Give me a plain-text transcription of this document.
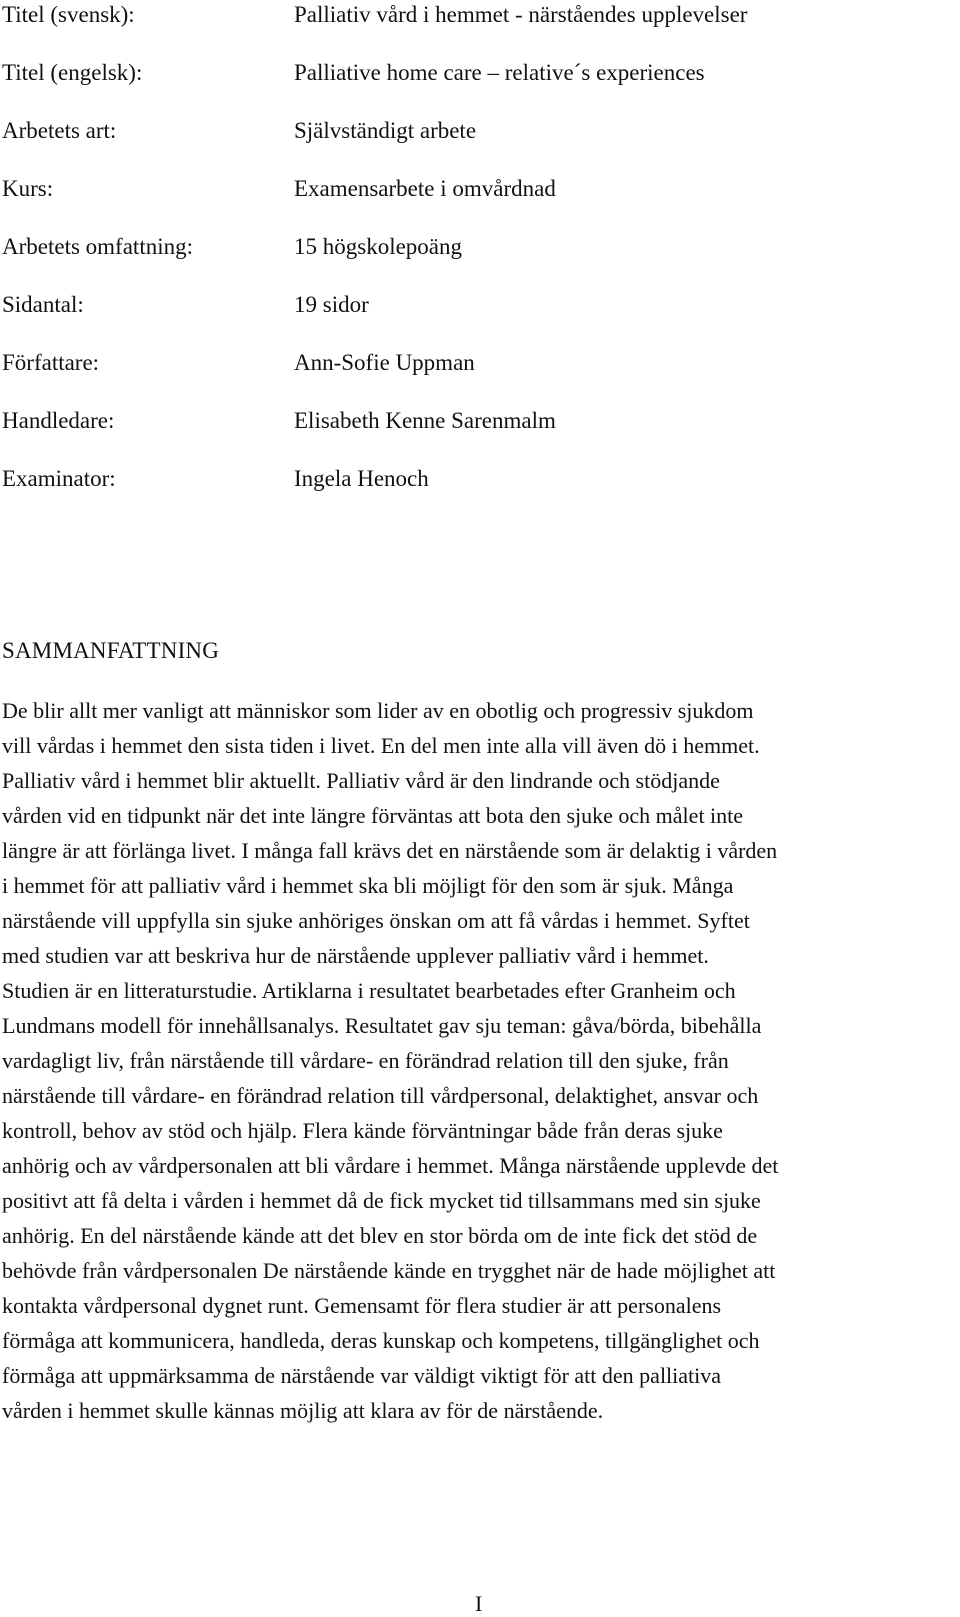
Titel (svensk):	Palliativ vård i hemmet - närståendes upplevelser
Titel (engelsk):	Palliative home care – relative´s experiences
Arbetets art:	Självständigt arbete
Kurs:	Examensarbete i omvårdnad
Arbetets omfattning:	15 högskolepoäng
Sidantal:	19 sidor
Författare:	Ann-Sofie Uppman
Handledare:	Elisabeth Kenne Sarenmalm
Examinator:	Ingela Henoch
SAMMANFATTNING
De blir allt mer vanligt att människor som lider av en obotlig och progressiv sjukdom
vill vårdas i hemmet den sista tiden i livet. En del men inte alla vill även dö i hemmet.
Palliativ vård i hemmet blir aktuellt. Palliativ vård är den lindrande och stödjande
vården vid en tidpunkt när det inte längre förväntas att bota den sjuke och målet inte
längre är att förlänga livet. I många fall krävs det en närstående som är delaktig i vården
i hemmet för att palliativ vård i hemmet ska bli möjligt för den som är sjuk. Många
närstående vill uppfylla sin sjuke anhöriges önskan om att få vårdas i hemmet. Syftet
med studien var att beskriva hur de närstående upplever palliativ vård i hemmet.
Studien är en litteraturstudie. Artiklarna i resultatet bearbetades efter Granheim och
Lundmans modell för innehållsanalys. Resultatet gav sju teman: gåva/börda, bibehålla
vardagligt liv, från närstående till vårdare- en förändrad relation till den sjuke, från
närstående till vårdare- en förändrad relation till vårdpersonal, delaktighet, ansvar och
kontroll, behov av stöd och hjälp. Flera kände förväntningar både från deras sjuke
anhörig och av vårdpersonalen att bli vårdare i hemmet. Många närstående upplevde det
positivt att få delta i vården i hemmet då de fick mycket tid tillsammans med sin sjuke
anhörig. En del närstående kände att det blev en stor börda om de inte fick det stöd de
behövde från vårdpersonalen De närstående kände en trygghet när de hade möjlighet att
kontakta vårdpersonal dygnet runt. Gemensamt för flera studier är att personalens
förmåga att kommunicera, handleda, deras kunskap och kompetens, tillgänglighet och
förmåga att uppmärksamma de närstående var väldigt viktigt för att den palliativa
vården i hemmet skulle kännas möjlig att klara av för de närstående.
I
